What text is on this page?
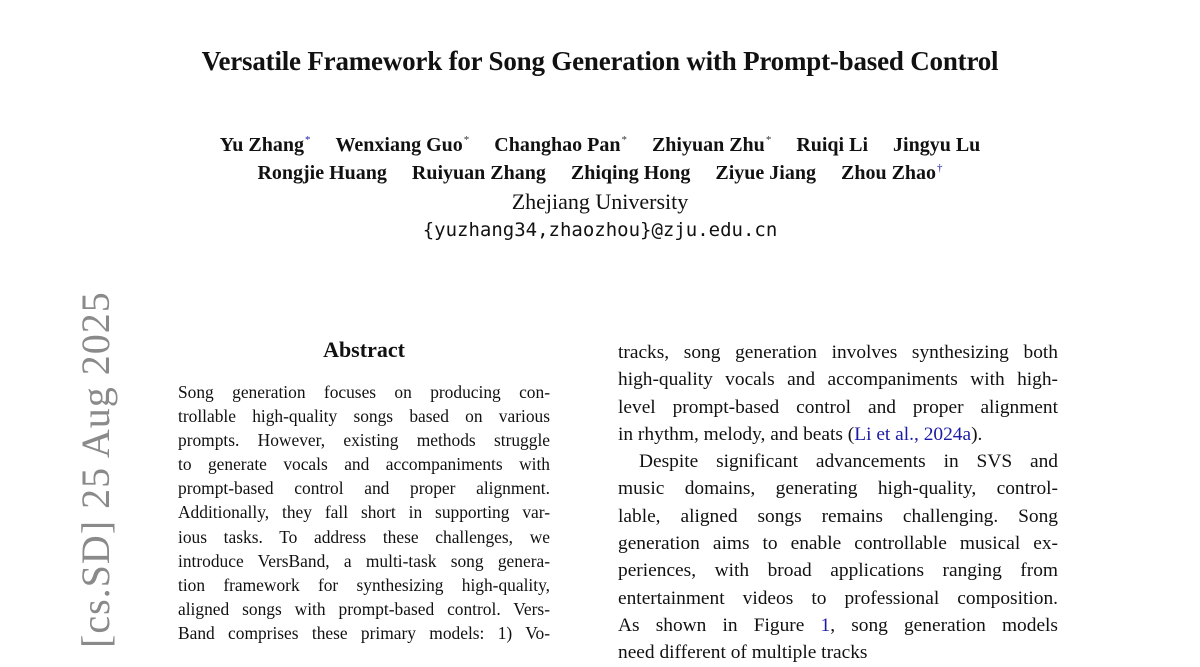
Versatile Framework for Song Generation with Prompt-based Control
Yu Zhang* Wenxiang Guo* Changhao Pan* Zhiyuan Zhu* Ruiqi Li Jingyu Lu
Rongjie Huang Ruiyuan Zhang Zhiqing Hong Ziyue Jiang Zhou Zhao†
Zhejiang University
{yuzhang34,zhaozhou}@zju.edu.cn
[cs.SD] 25 Aug 2025	Abstract
Song generation focuses on producing con-
trollable high-quality songs based on various
prompts. However, existing methods struggle
to generate vocals and accompaniments with
prompt-based control and proper alignment.
Additionally, they fall short in supporting var-
ious tasks. To address these challenges, we
introduce VersBand, a multi-task song genera-
tion framework for synthesizing high-quality,
aligned songs with prompt-based control. Vers-
Band comprises these primary models: 1) Vo-
tracks, song generation involves synthesizing both
high-quality vocals and accompaniments with high-
level prompt-based control and proper alignment
in rhythm, melody, and beats (Li et al., 2024a).
Despite significant advancements in SVS and
music domains, generating high-quality, control-
lable, aligned songs remains challenging. Song
generation aims to enable controllable musical ex-
periences, with broad applications ranging from
entertainment videos to professional composition.
As shown in Figure 1, song generation models
need different of multiple tracks
